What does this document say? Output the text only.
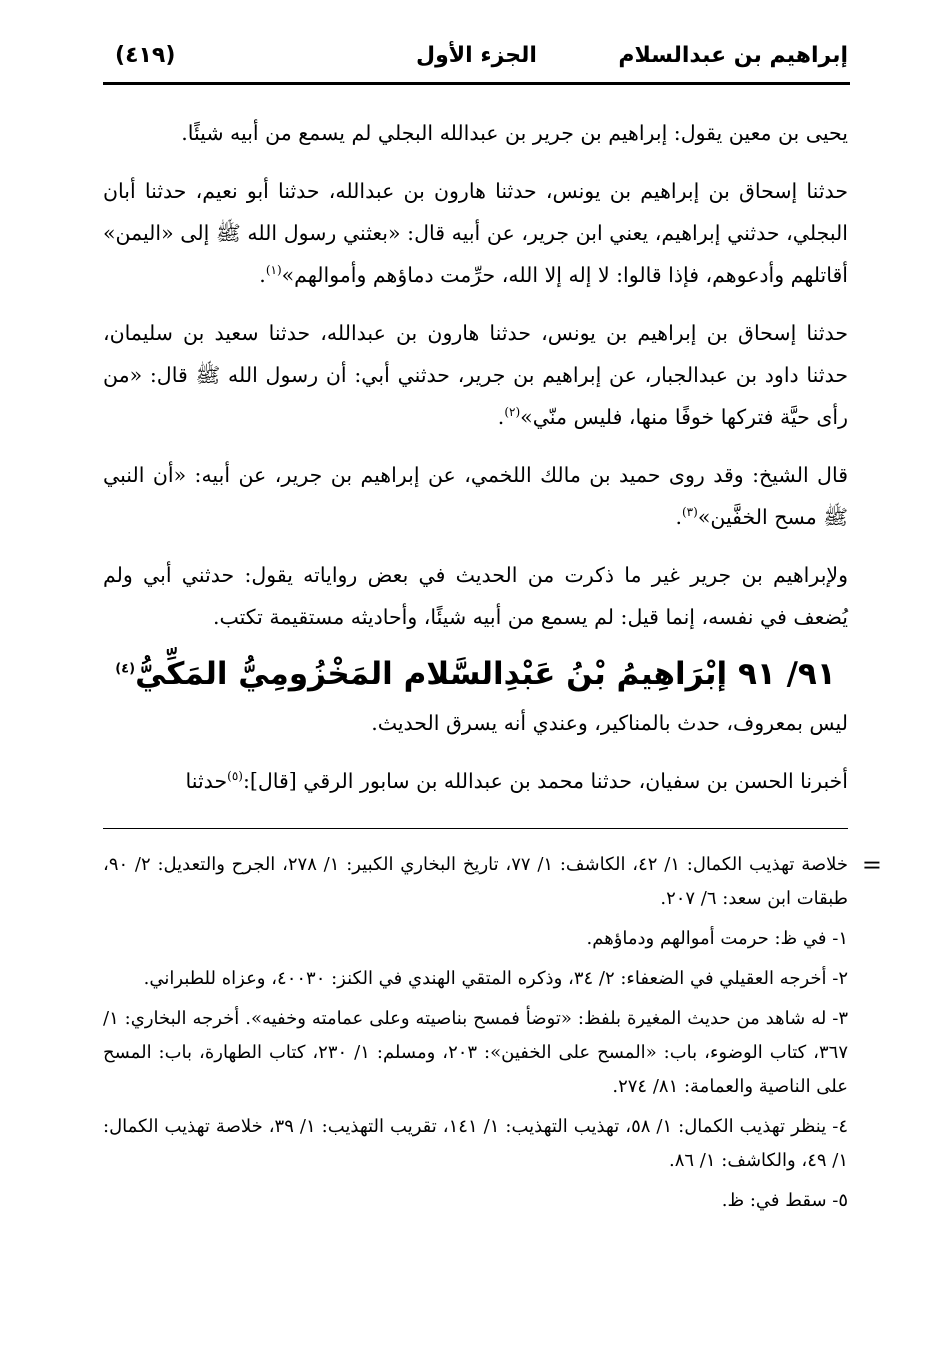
إبراهيم بن عبدالسلام
الجزء الأول
(٤١٩)

يحيى بن معين يقول: إبراهيم بن جرير بن عبدالله البجلي لم يسمع من أبيه شيئًا.

حدثنا إسحاق بن إبراهيم بن يونس، حدثنا هارون بن عبدالله، حدثنا أبو نعيم، حدثنا أبان البجلي، حدثني إبراهيم، يعني ابن جرير، عن أبيه قال: «بعثني رسول الله ﷺ إلى «اليمن» أقاتلهم وأدعوهم، فإذا قالوا: لا إله إلا الله، حرِّمت دماؤهم وأموالهم»$^{(١)}$.

حدثنا إسحاق بن إبراهيم بن يونس، حدثنا هارون بن عبدالله، حدثنا سعيد بن سليمان، حدثنا داود بن عبدالجبار، عن إبراهيم بن جرير، حدثني أبي: أن رسول الله ﷺ قال: «من رأى حيَّة فتركها خوفًا منها، فليس منّي»$^{(٢)}$.

قال الشيخ: وقد روى حميد بن مالك اللخمي، عن إبراهيم بن جرير، عن أبيه: «أن النبي ﷺ مسح الخفَّين»$^{(٣)}$.

ولإبراهيم بن جرير غير ما ذكرت من الحديث في بعض رواياته يقول: حدثني أبي ولم يُضعف في نفسه، إنما قيل: لم يسمع من أبيه شيئًا، وأحاديثه مستقيمة تكتب.

٩١/ ٩١ إبْرَاهِيمُ بْنُ عَبْدِالسَّلام المَخْزُومِيُّ المَكِّيُّ$^{(٤)}$

ليس بمعروف، حدث بالمناكير، وعندي أنه يسرق الحديث.

أخبرنا الحسن بن سفيان، حدثنا محمد بن عبدالله بن سابور الرقي [قال]:$^{(٥)}$حدثنا

=
خلاصة تهذيب الكمال: ١/ ٤٢، الكاشف: ١/ ٧٧، تاريخ البخاري الكبير: ١/ ٢٧٨، الجرح والتعديل: ٢/ ٩٠، طبقات ابن سعد: ٦/ ٢٠٧.
١- في ظ: حرمت أموالهم ودماؤهم.
٢- أخرجه العقيلي في الضعفاء: ٢/ ٣٤، وذكره المتقي الهندي في الكنز: ٤٠٠٣٠، وعزاه للطبراني.
٣- له شاهد من حديث المغيرة بلفظ: «توضأ فمسح بناصيته وعلى عمامته وخفيه». أخرجه البخاري: ١/ ٣٦٧، كتاب الوضوء، باب: «المسح على الخفين»: ٢٠٣، ومسلم: ١/ ٢٣٠، كتاب الطهارة، باب: المسح على الناصية والعمامة: ٨١/ ٢٧٤.
٤- ينظر تهذيب الكمال: ١/ ٥٨، تهذيب التهذيب: ١/ ١٤١، تقريب التهذيب: ١/ ٣٩، خلاصة تهذيب الكمال: ١/ ٤٩، والكاشف: ١/ ٨٦.
٥- سقط في: ظ.
